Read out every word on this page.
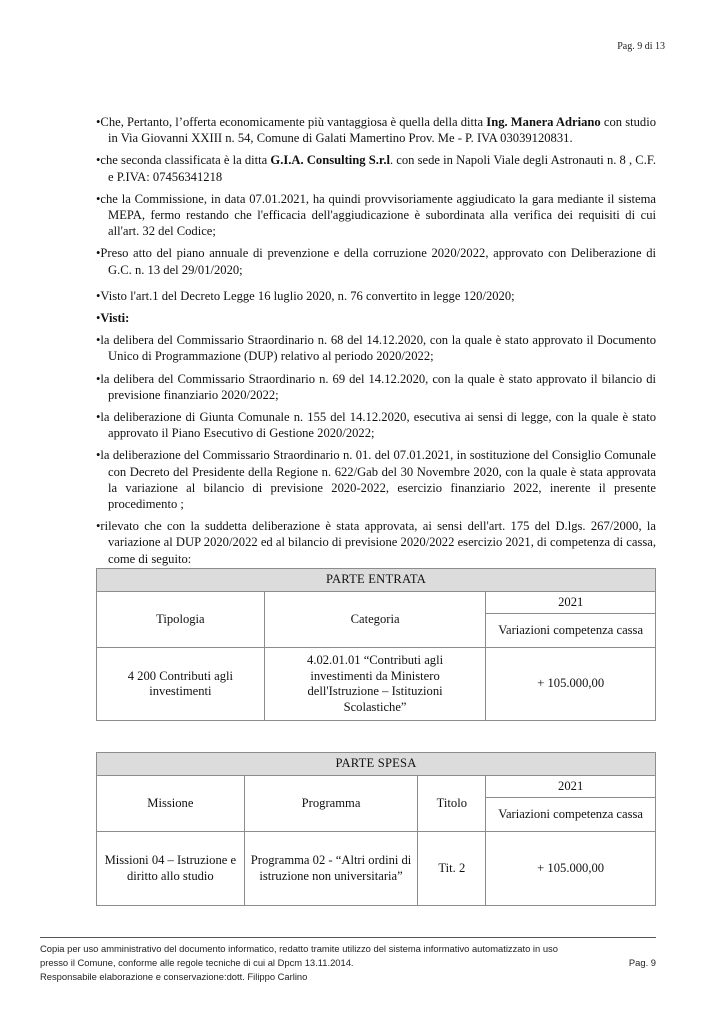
Pag. 9 di 13

•Che, Pertanto, l’offerta economicamente più vantaggiosa è quella della ditta Ing. Manera Adriano con studio in Via Giovanni XXIII n. 54, Comune di Galati Mamertino Prov. Me - P. IVA 03039120831.

•che seconda classificata è la ditta G.I.A. Consulting S.r.l. con sede in Napoli Viale degli Astronauti n. 8 , C.F. e P.IVA: 07456341218

•che la Commissione, in data 07.01.2021, ha quindi provvisoriamente aggiudicato la gara mediante il sistema MEPA, fermo restando che l'efficacia dell'aggiudicazione è subordinata alla verifica dei requisiti di cui all'art. 32 del Codice;

•Preso atto del piano annuale di prevenzione e della corruzione 2020/2022, approvato con Deliberazione di G.C. n. 13 del 29/01/2020;

•Visto l'art.1 del Decreto Legge 16 luglio 2020, n. 76 convertito in legge 120/2020;

•Visti:

•la delibera del Commissario Straordinario n. 68 del 14.12.2020, con la quale è stato approvato il Documento Unico di Programmazione (DUP) relativo al periodo 2020/2022;

•la delibera del Commissario Straordinario n. 69 del 14.12.2020, con la quale è stato approvato il bilancio di previsione finanziario 2020/2022;

•la deliberazione di Giunta Comunale n. 155 del 14.12.2020, esecutiva ai sensi di legge, con la quale è stato approvato il Piano Esecutivo di Gestione 2020/2022;

•la deliberazione del Commissario Straordinario n. 01. del 07.01.2021, in sostituzione del Consiglio Comunale con Decreto del Presidente della Regione n. 622/Gab del 30 Novembre 2020, con la quale è stata approvata la variazione al bilancio di previsione 2020-2022, esercizio finanziario 2022, inerente il presente procedimento ;

•rilevato che con la suddetta deliberazione è stata approvata, ai sensi dell'art. 175 del D.lgs. 267/2000, la variazione al DUP 2020/2022 ed al bilancio di previsione 2020/2022 esercizio 2021, di competenza di cassa, come di seguito:

PARTE ENTRATA		
Tipologia	Categoria	2021
		Variazioni competenza cassa
4 200 Contributi agli investimenti	4.02.01.01 “Contributi agli investimenti da Ministero dell'Istruzione – Istituzioni Scolastiche”	+ 105.000,00
PARTE SPESA			
Missione	Programma	Titolo	2021
			Variazioni competenza cassa
Missioni 04 – Istruzione e diritto allo studio	Programma 02 - “Altri ordini di istruzione non universitaria”	Tit. 2	+ 105.000,00
Copia per uso amministrativo del documento informatico, redatto tramite utilizzo del sistema informativo automatizzato in uso
presso il Comune, conforme alle regole tecniche di cui al Dpcm 13.11.2014.	Pag. 9
Responsabile elaborazione e conservazione:dott. Filippo Carlino
